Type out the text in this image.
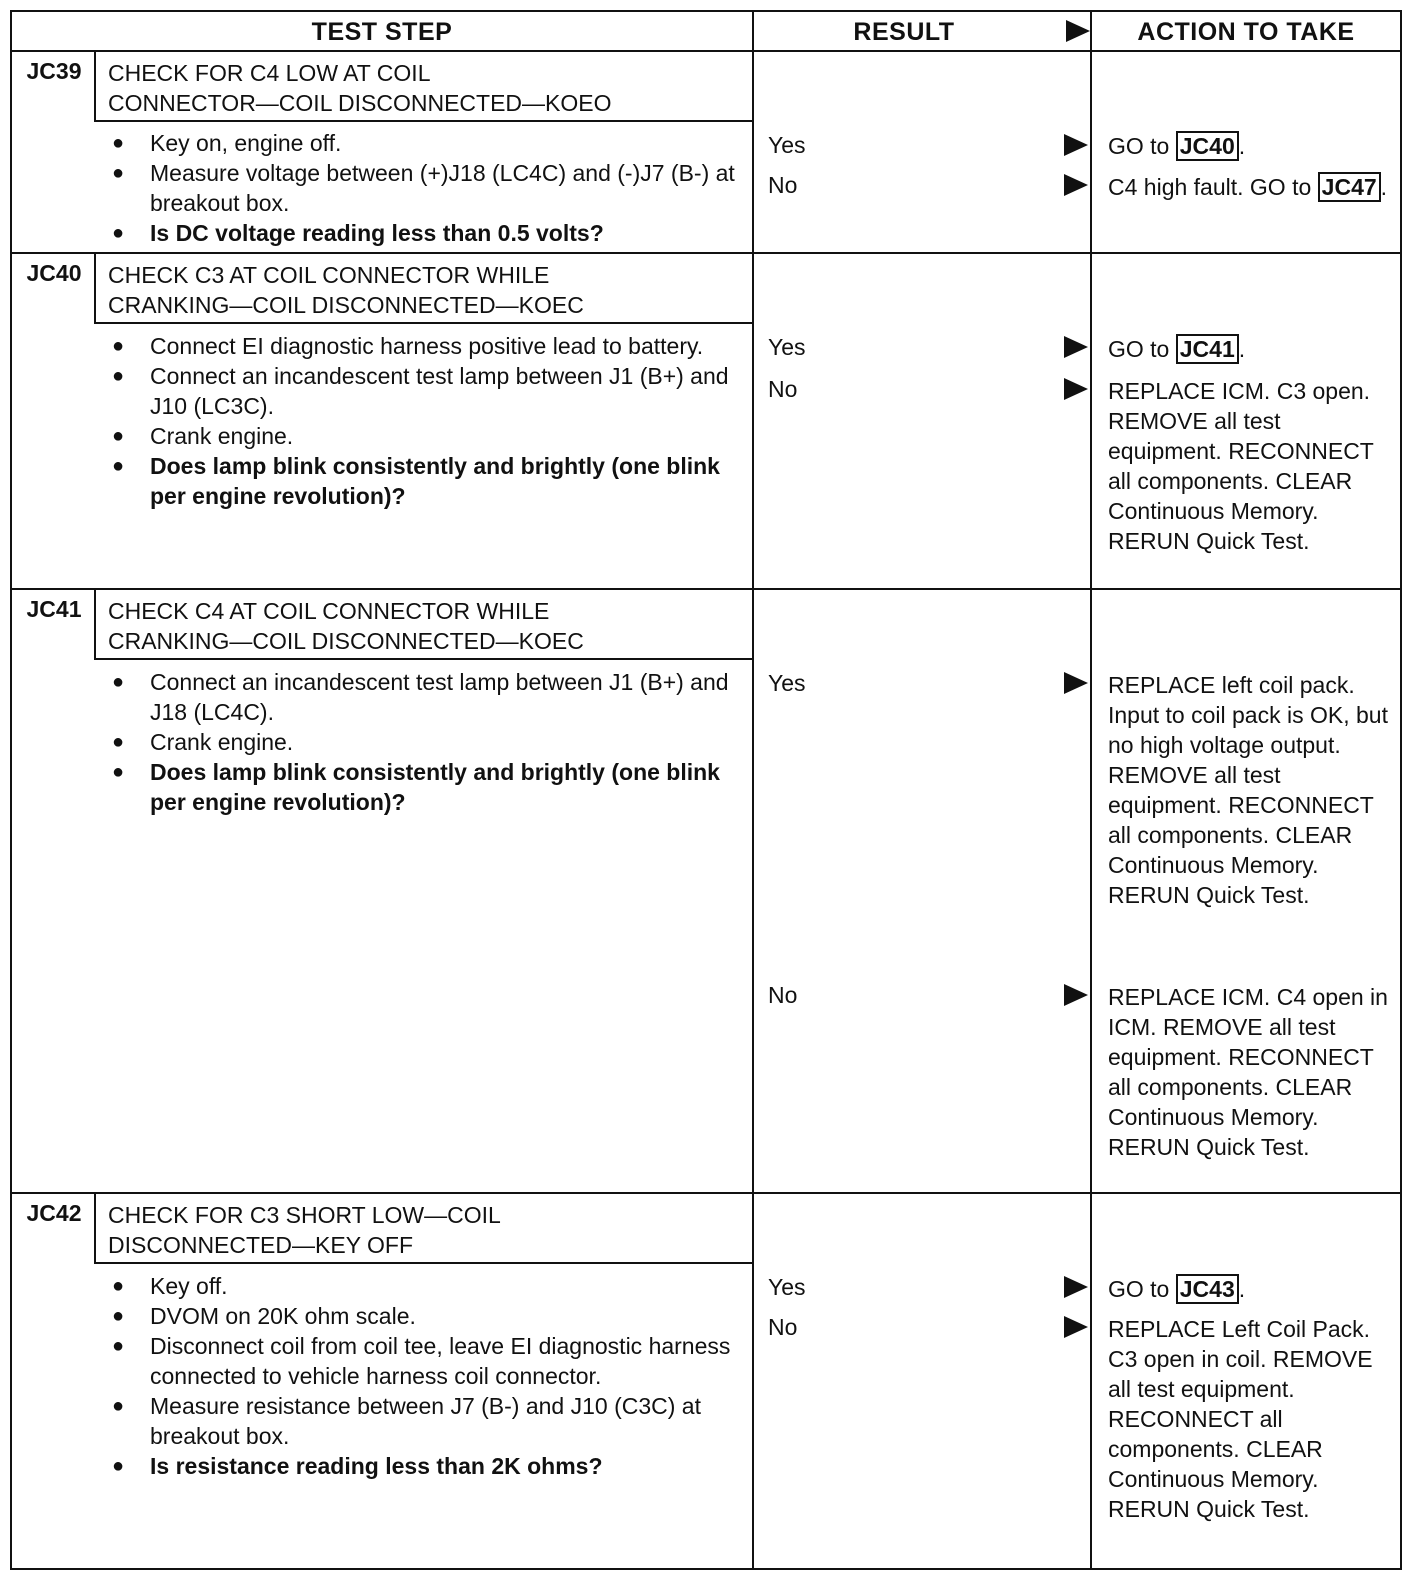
TEST STEP	RESULT	ACTION TO TAKE
JC39	CHECK FOR C4 LOW AT COIL
CONNECTOR—COIL DISCONNECTED—KOEO
● Key on, engine off.
● Measure voltage between (+)J18 (LC4C) and (-)J7 (B-) at breakout box.
● Is DC voltage reading less than 0.5 volts?
Yes	GO to JC40 .
No	C4 high fault. GO to JC47 .
JC40	CHECK C3 AT COIL CONNECTOR WHILE
CRANKING—COIL DISCONNECTED—KOEC
● Connect EI diagnostic harness positive lead to battery.
● Connect an incandescent test lamp between J1 (B+) and J10 (LC3C).
● Crank engine.
● Does lamp blink consistently and brightly (one blink per engine revolution)?
Yes	GO to JC41 .
No	REPLACE ICM. C3 open. REMOVE all test equipment. RECONNECT all components. CLEAR Continuous Memory. RERUN Quick Test.
JC41	CHECK C4 AT COIL CONNECTOR WHILE
CRANKING—COIL DISCONNECTED—KOEC
● Connect an incandescent test lamp between J1 (B+) and J18 (LC4C).
● Crank engine.
● Does lamp blink consistently and brightly (one blink per engine revolution)?
Yes	REPLACE left coil pack. Input to coil pack is OK, but no high voltage output. REMOVE all test equipment. RECONNECT all components. CLEAR Continuous Memory. RERUN Quick Test.
No	REPLACE ICM. C4 open in ICM. REMOVE all test equipment. RECONNECT all components. CLEAR Continuous Memory. RERUN Quick Test.
JC42	CHECK FOR C3 SHORT LOW—COIL
DISCONNECTED—KEY OFF
● Key off.
● DVOM on 20K ohm scale.
● Disconnect coil from coil tee, leave EI diagnostic harness connected to vehicle harness coil connector.
● Measure resistance between J7 (B-) and J10 (C3C) at breakout box.
● Is resistance reading less than 2K ohms?
Yes	GO to JC43 .
No	REPLACE Left Coil Pack. C3 open in coil. REMOVE all test equipment. RECONNECT all components. CLEAR Continuous Memory. RERUN Quick Test.
